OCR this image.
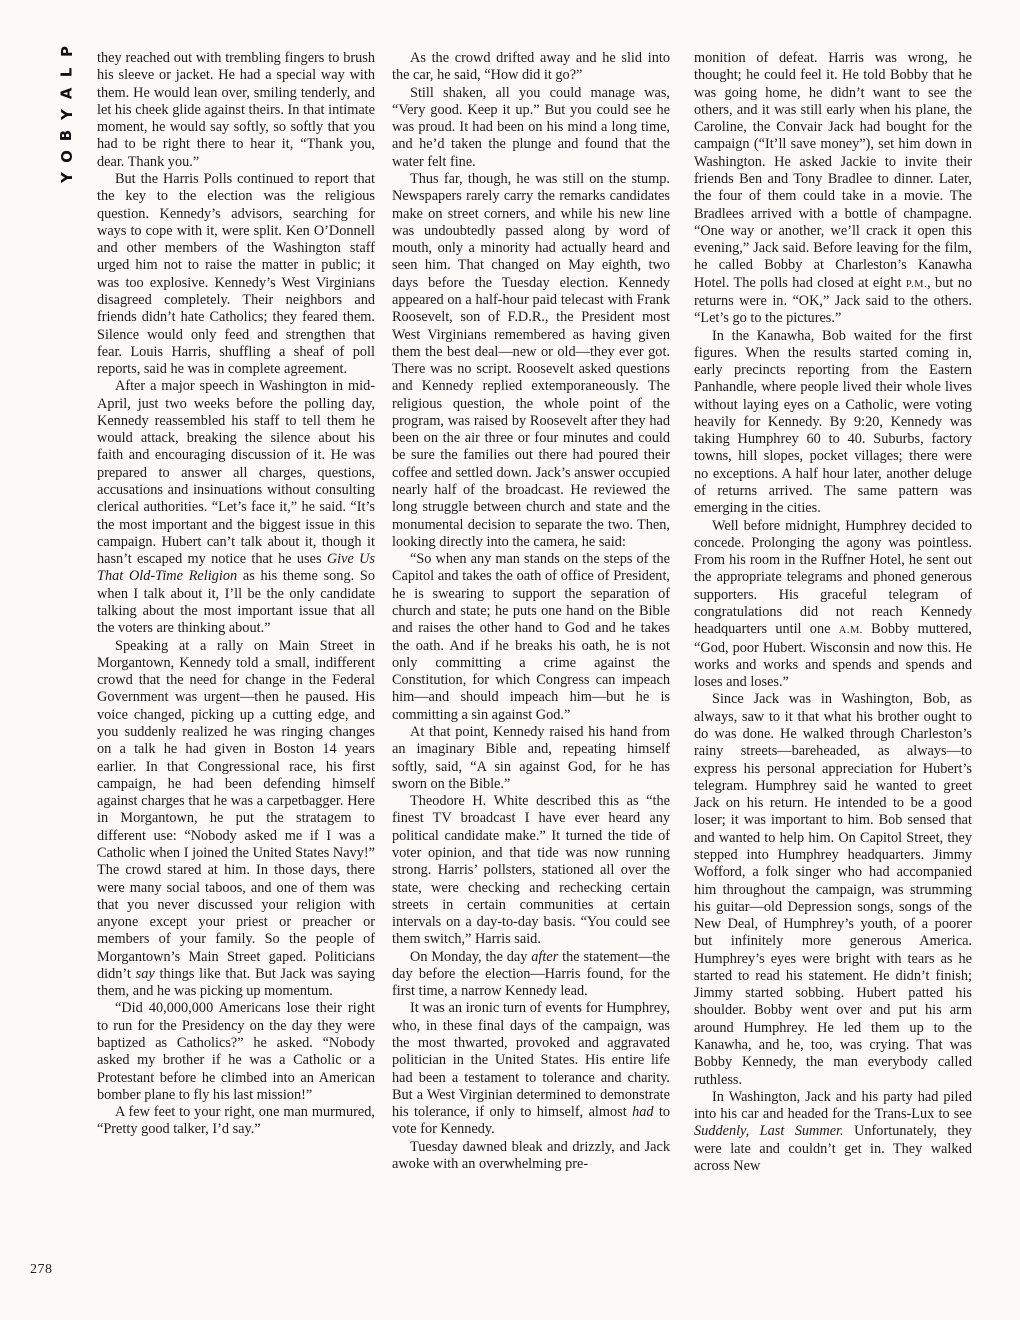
P
L
A
Y
B
O
Y
278

they reached out with trembling fingers to brush his sleeve or jacket. He had a special way with them. He would lean over, smiling tenderly, and let his cheek glide against theirs. In that intimate moment, he would say softly, so softly that you had to be right there to hear it, “Thank you, dear. Thank you.”

But the Harris Polls continued to report that the key to the election was the religious question. Kennedy’s advisors, searching for ways to cope with it, were split. Ken O’Donnell and other members of the Washington staff urged him not to raise the matter in public; it was too explosive. Kennedy’s West Virginians disagreed completely. Their neighbors and friends didn’t hate Catholics; they feared them. Silence would only feed and strengthen that fear. Louis Harris, shuffling a sheaf of poll reports, said he was in complete agreement.

After a major speech in Washington in mid-April, just two weeks before the polling day, Kennedy reassembled his staff to tell them he would attack, breaking the silence about his faith and encouraging discussion of it. He was prepared to answer all charges, questions, accusations and insinuations without consulting clerical authorities. “Let’s face it,” he said. “It’s the most important and the biggest issue in this campaign. Hubert can’t talk about it, though it hasn’t escaped my notice that he uses Give Us That Old-Time Religion as his theme song. So when I talk about it, I’ll be the only candidate talking about the most important issue that all the voters are thinking about.”

Speaking at a rally on Main Street in Morgantown, Kennedy told a small, indifferent crowd that the need for change in the Federal Government was urgent—then he paused. His voice changed, picking up a cutting edge, and you suddenly realized he was ringing changes on a talk he had given in Boston 14 years earlier. In that Congressional race, his first campaign, he had been defending himself against charges that he was a carpetbagger. Here in Morgantown, he put the stratagem to different use: “Nobody asked me if I was a Catholic when I joined the United States Navy!” The crowd stared at him. In those days, there were many social taboos, and one of them was that you never discussed your religion with anyone except your priest or preacher or members of your family. So the people of Morgantown’s Main Street gaped. Politicians didn’t say things like that. But Jack was saying them, and he was picking up momentum.

“Did 40,000,000 Americans lose their right to run for the Presidency on the day they were baptized as Catholics?” he asked. “Nobody asked my brother if he was a Catholic or a Protestant before he climbed into an American bomber plane to fly his last mission!”

A few feet to your right, one man murmured, “Pretty good talker, I’d say.”

As the crowd drifted away and he slid into the car, he said, “How did it go?”

Still shaken, all you could manage was, “Very good. Keep it up.” But you could see he was proud. It had been on his mind a long time, and he’d taken the plunge and found that the water felt fine.

Thus far, though, he was still on the stump. Newspapers rarely carry the remarks candidates make on street corners, and while his new line was undoubtedly passed along by word of mouth, only a minority had actually heard and seen him. That changed on May eighth, two days before the Tuesday election. Kennedy appeared on a half-hour paid telecast with Frank Roosevelt, son of F.D.R., the President most West Virginians remembered as having given them the best deal—new or old—they ever got. There was no script. Roosevelt asked questions and Kennedy replied extemporaneously. The religious question, the whole point of the program, was raised by Roosevelt after they had been on the air three or four minutes and could be sure the families out there had poured their coffee and settled down. Jack’s answer occupied nearly half of the broadcast. He reviewed the long struggle between church and state and the monumental decision to separate the two. Then, looking directly into the camera, he said:

“So when any man stands on the steps of the Capitol and takes the oath of office of President, he is swearing to support the separation of church and state; he puts one hand on the Bible and raises the other hand to God and he takes the oath. And if he breaks his oath, he is not only committing a crime against the Constitution, for which Congress can impeach him—and should impeach him—but he is committing a sin against God.”

At that point, Kennedy raised his hand from an imaginary Bible and, repeating himself softly, said, “A sin against God, for he has sworn on the Bible.”

Theodore H. White described this as “the finest TV broadcast I have ever heard any political candidate make.” It turned the tide of voter opinion, and that tide was now running strong. Harris’ pollsters, stationed all over the state, were checking and rechecking certain streets in certain communities at certain intervals on a day-to-day basis. “You could see them switch,” Harris said.

On Monday, the day after the statement—the day before the election—Harris found, for the first time, a narrow Kennedy lead.

It was an ironic turn of events for Humphrey, who, in these final days of the campaign, was the most thwarted, provoked and aggravated politician in the United States. His entire life had been a testament to tolerance and charity. But a West Virginian determined to demonstrate his tolerance, if only to himself, almost had to vote for Kennedy.

Tuesday dawned bleak and drizzly, and Jack awoke with an overwhelming pre-

monition of defeat. Harris was wrong, he thought; he could feel it. He told Bobby that he was going home, he didn’t want to see the others, and it was still early when his plane, the Caroline, the Convair Jack had bought for the campaign (“It’ll save money”), set him down in Washington. He asked Jackie to invite their friends Ben and Tony Bradlee to dinner. Later, the four of them could take in a movie. The Bradlees arrived with a bottle of champagne. “One way or another, we’ll crack it open this evening,” Jack said. Before leaving for the film, he called Bobby at Charleston’s Kanawha Hotel. The polls had closed at eight P.M., but no returns were in. “OK,” Jack said to the others. “Let’s go to the pictures.”

In the Kanawha, Bob waited for the first figures. When the results started coming in, early precincts reporting from the Eastern Panhandle, where people lived their whole lives without laying eyes on a Catholic, were voting heavily for Kennedy. By 9:20, Kennedy was taking Humphrey 60 to 40. Suburbs, factory towns, hill slopes, pocket villages; there were no exceptions. A half hour later, another deluge of returns arrived. The same pattern was emerging in the cities.

Well before midnight, Humphrey decided to concede. Prolonging the agony was pointless. From his room in the Ruffner Hotel, he sent out the appropriate telegrams and phoned generous supporters. His graceful telegram of congratulations did not reach Kennedy headquarters until one A.M. Bobby muttered, “God, poor Hubert. Wisconsin and now this. He works and works and spends and spends and loses and loses.”

Since Jack was in Washington, Bob, as always, saw to it that what his brother ought to do was done. He walked through Charleston’s rainy streets—bareheaded, as always—to express his personal appreciation for Hubert’s telegram. Humphrey said he wanted to greet Jack on his return. He intended to be a good loser; it was important to him. Bob sensed that and wanted to help him. On Capitol Street, they stepped into Humphrey headquarters. Jimmy Wofford, a folk singer who had accompanied him throughout the campaign, was strumming his guitar—old Depression songs, songs of the New Deal, of Humphrey’s youth, of a poorer but infinitely more generous America. Humphrey’s eyes were bright with tears as he started to read his statement. He didn’t finish; Jimmy started sobbing. Hubert patted his shoulder. Bobby went over and put his arm around Humphrey. He led them up to the Kanawha, and he, too, was crying. That was Bobby Kennedy, the man everybody called ruthless.

In Washington, Jack and his party had piled into his car and headed for the Trans-Lux to see Suddenly, Last Summer. Unfortunately, they were late and couldn’t get in. They walked across New
